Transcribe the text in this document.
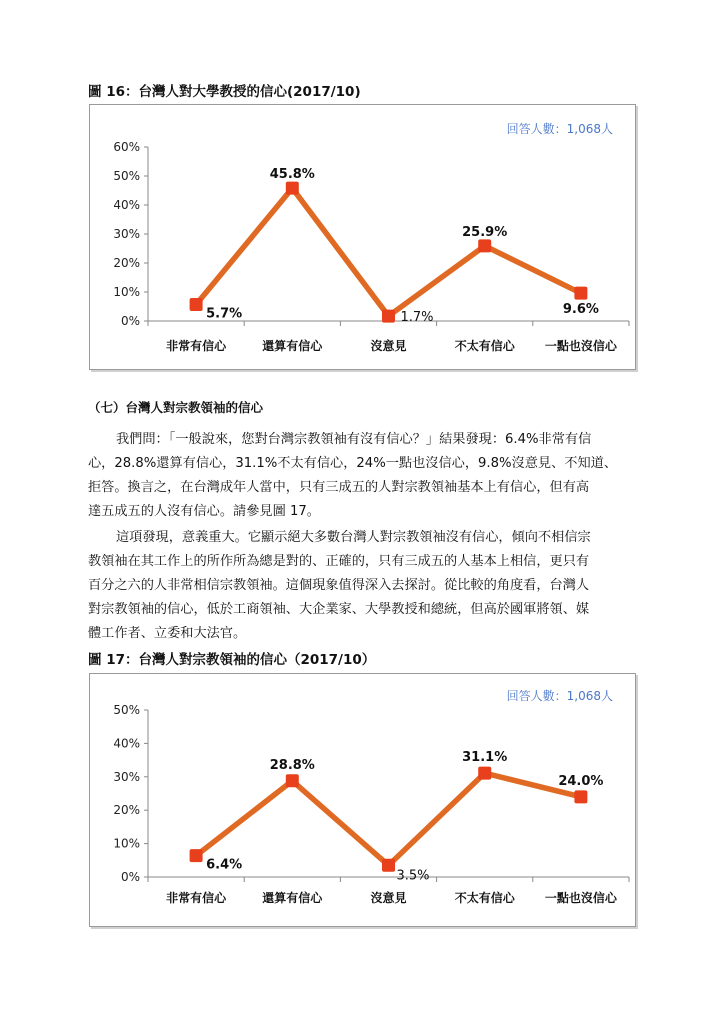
圖 16：台灣人對大學教授的信心(2017/10)
回答人數：1,068人
0%
10%
20%
30%
40%
50%
60%
非常有信心	還算有信心	沒意見	不太有信心	一點也沒信心
5.7%
45.8%
1.7%
25.9%
9.6%
（七）台灣人對宗教領袖的信心
我們問：「一般說來，您對台灣宗教領袖有沒有信心？」結果發現：6.4%非常有信
心，28.8%還算有信心，31.1%不太有信心，24%一點也沒信心，9.8%沒意見、不知道、
拒答。換言之，在台灣成年人當中，只有三成五的人對宗教領袖基本上有信心，但有高
達五成五的人沒有信心。請參見圖 17。
這項發現，意義重大。它顯示絕大多數台灣人對宗教領袖沒有信心，傾向不相信宗
教領袖在其工作上的所作所為總是對的、正確的，只有三成五的人基本上相信，更只有
百分之六的人非常相信宗教領袖。這個現象值得深入去探討。從比較的角度看，台灣人
對宗教領袖的信心，低於工商領袖、大企業家、大學教授和總統，但高於國軍將領、媒
體工作者、立委和大法官。
圖 17：台灣人對宗教領袖的信心（2017/10）
回答人數：1,068人
0%
10%
20%
30%
40%
50%
非常有信心	還算有信心	沒意見	不太有信心	一點也沒信心
6.4%
28.8%
3.5%
31.1%
24.0%
